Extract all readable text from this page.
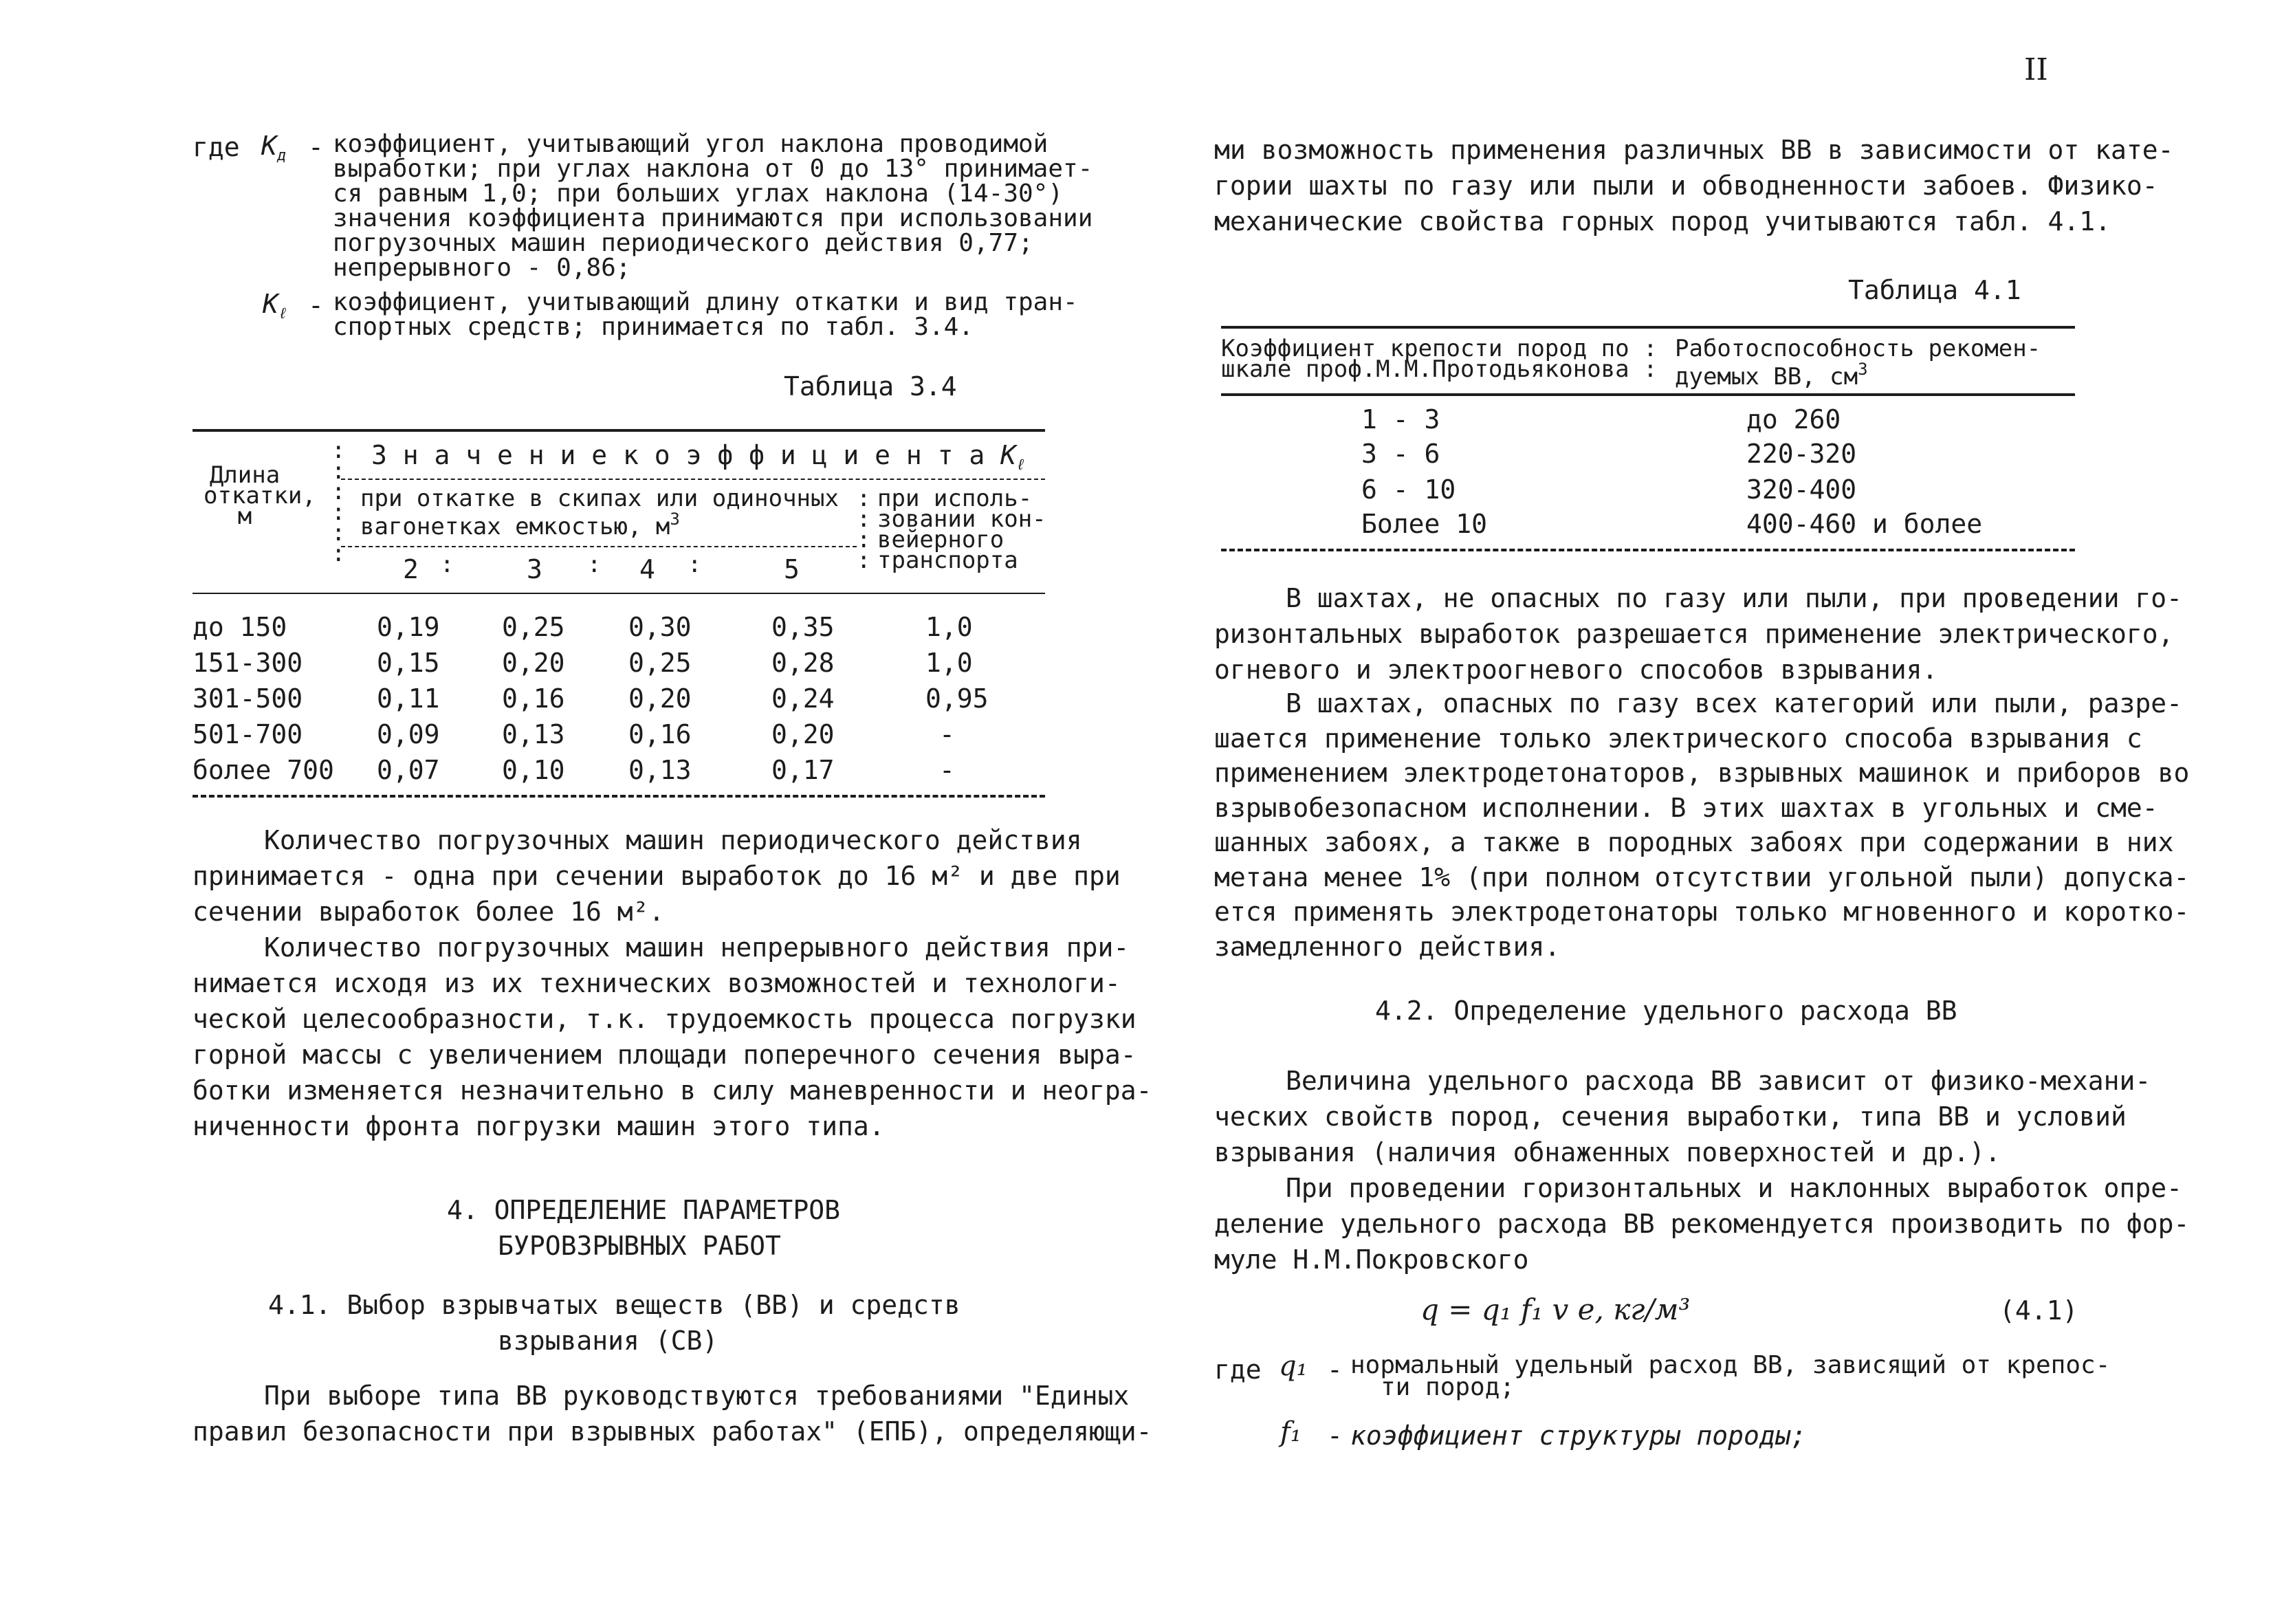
II
где $K_д$ - коэффициент, учитывающий угол наклона проводимой
выработки; при углах наклона от 0 до 13° принимает-
ся равным 1,0; при больших углах наклона (14-30°)
значения коэффициента принимаются при использовании
погрузочных машин периодического действия 0,77;
непрерывного - 0,86;
$K_\ell$ - коэффициент, учитывающий длину откатки и вид тран-
спортных средств; принимается по табл. 3.4.
Таблица 3.4
Длина
откатки,
м
:
:
:
:
:
:
:
:
:
:
:	:	:
З н а ч е н и е к о э ф ф и ц и е н т а $K_\ell$
при откатке в скипах или одиночных
вагонетках емкостью, $м^3$
при исполь-
зовании кон-
вейерного
транспорта
2	3	4	5
до 150	0,19 0,25 0,30	0,35	1,0
151-300	0,15 0,20 0,25	0,28	1,0
301-500	0,11 0,16 0,20	0,24	0,95
501-700	0,09 0,13 0,16	0,20	-
более 700 0,07 0,10 0,13	0,17	-
Количество погрузочных машин периодического действия
принимается - одна при сечении выработок до 16 м² и две при
сечении выработок более 16 м².
Количество погрузочных машин непрерывного действия при-
нимается исходя из их технических возможностей и технологи-
ческой целесообразности, т.к. трудоемкость процесса погрузки
горной массы с увеличением площади поперечного сечения выра-
ботки изменяется незначительно в силу маневренности и неогра-
ниченности фронта погрузки машин этого типа.
4. ОПРЕДЕЛЕНИЕ ПАРАМЕТРОВ
БУРОВЗРЫВНЫХ РАБОТ
4.1. Выбор взрывчатых веществ (ВВ) и средств
взрывания (СВ)
При выборе типа ВВ руководствуются требованиями "Единых
правил безопасности при взрывных работах" (ЕПБ), определяющи-
ми возможность применения различных ВВ в зависимости от кате-
гории шахты по газу или пыли и обводненности забоев. Физико-
механические свойства горных пород учитываются табл. 4.1.
Таблица 4.1
Коэффициент крепости пород по :
шкале проф.М.М.Протодьяконова :
Работоспособность рекомен-
дуемых ВВ, $см^3$
1 - 3	до 260
3 - 6	220-320
6 - 10	320-400
Более 10	400-460 и более
В шахтах, не опасных по газу или пыли, при проведении го-
ризонтальных выработок разрешается применение электрического,
огневого и электроогневого способов взрывания.
В шахтах, опасных по газу всех категорий или пыли, разре-
шается применение только электрического способа взрывания с
применением электродетонаторов, взрывных машинок и приборов во
взрывобезопасном исполнении. В этих шахтах в угольных и сме-
шанных забоях, а также в породных забоях при содержании в них
метана менее 1% (при полном отсутствии угольной пыли) допуска-
ется применять электродетонаторы только мгновенного и коротко-
замедленного действия.
4.2. Определение удельного расхода ВВ
Величина удельного расхода ВВ зависит от физико-механи-
ческих свойств пород, сечения выработки, типа ВВ и условий
взрывания (наличия обнаженных поверхностей и др.).
При проведении горизонтальных и наклонных выработок опре-
деление удельного расхода ВВ рекомендуется производить по фор-
муле Н.М.Покровского
q = q₁ f₁ v e, кг/м³	(4.1)
где q₁ - нормальный удельный расход ВВ, зависящий от крепос-
ти пород;
f₁ - коэффициент структуры породы;
